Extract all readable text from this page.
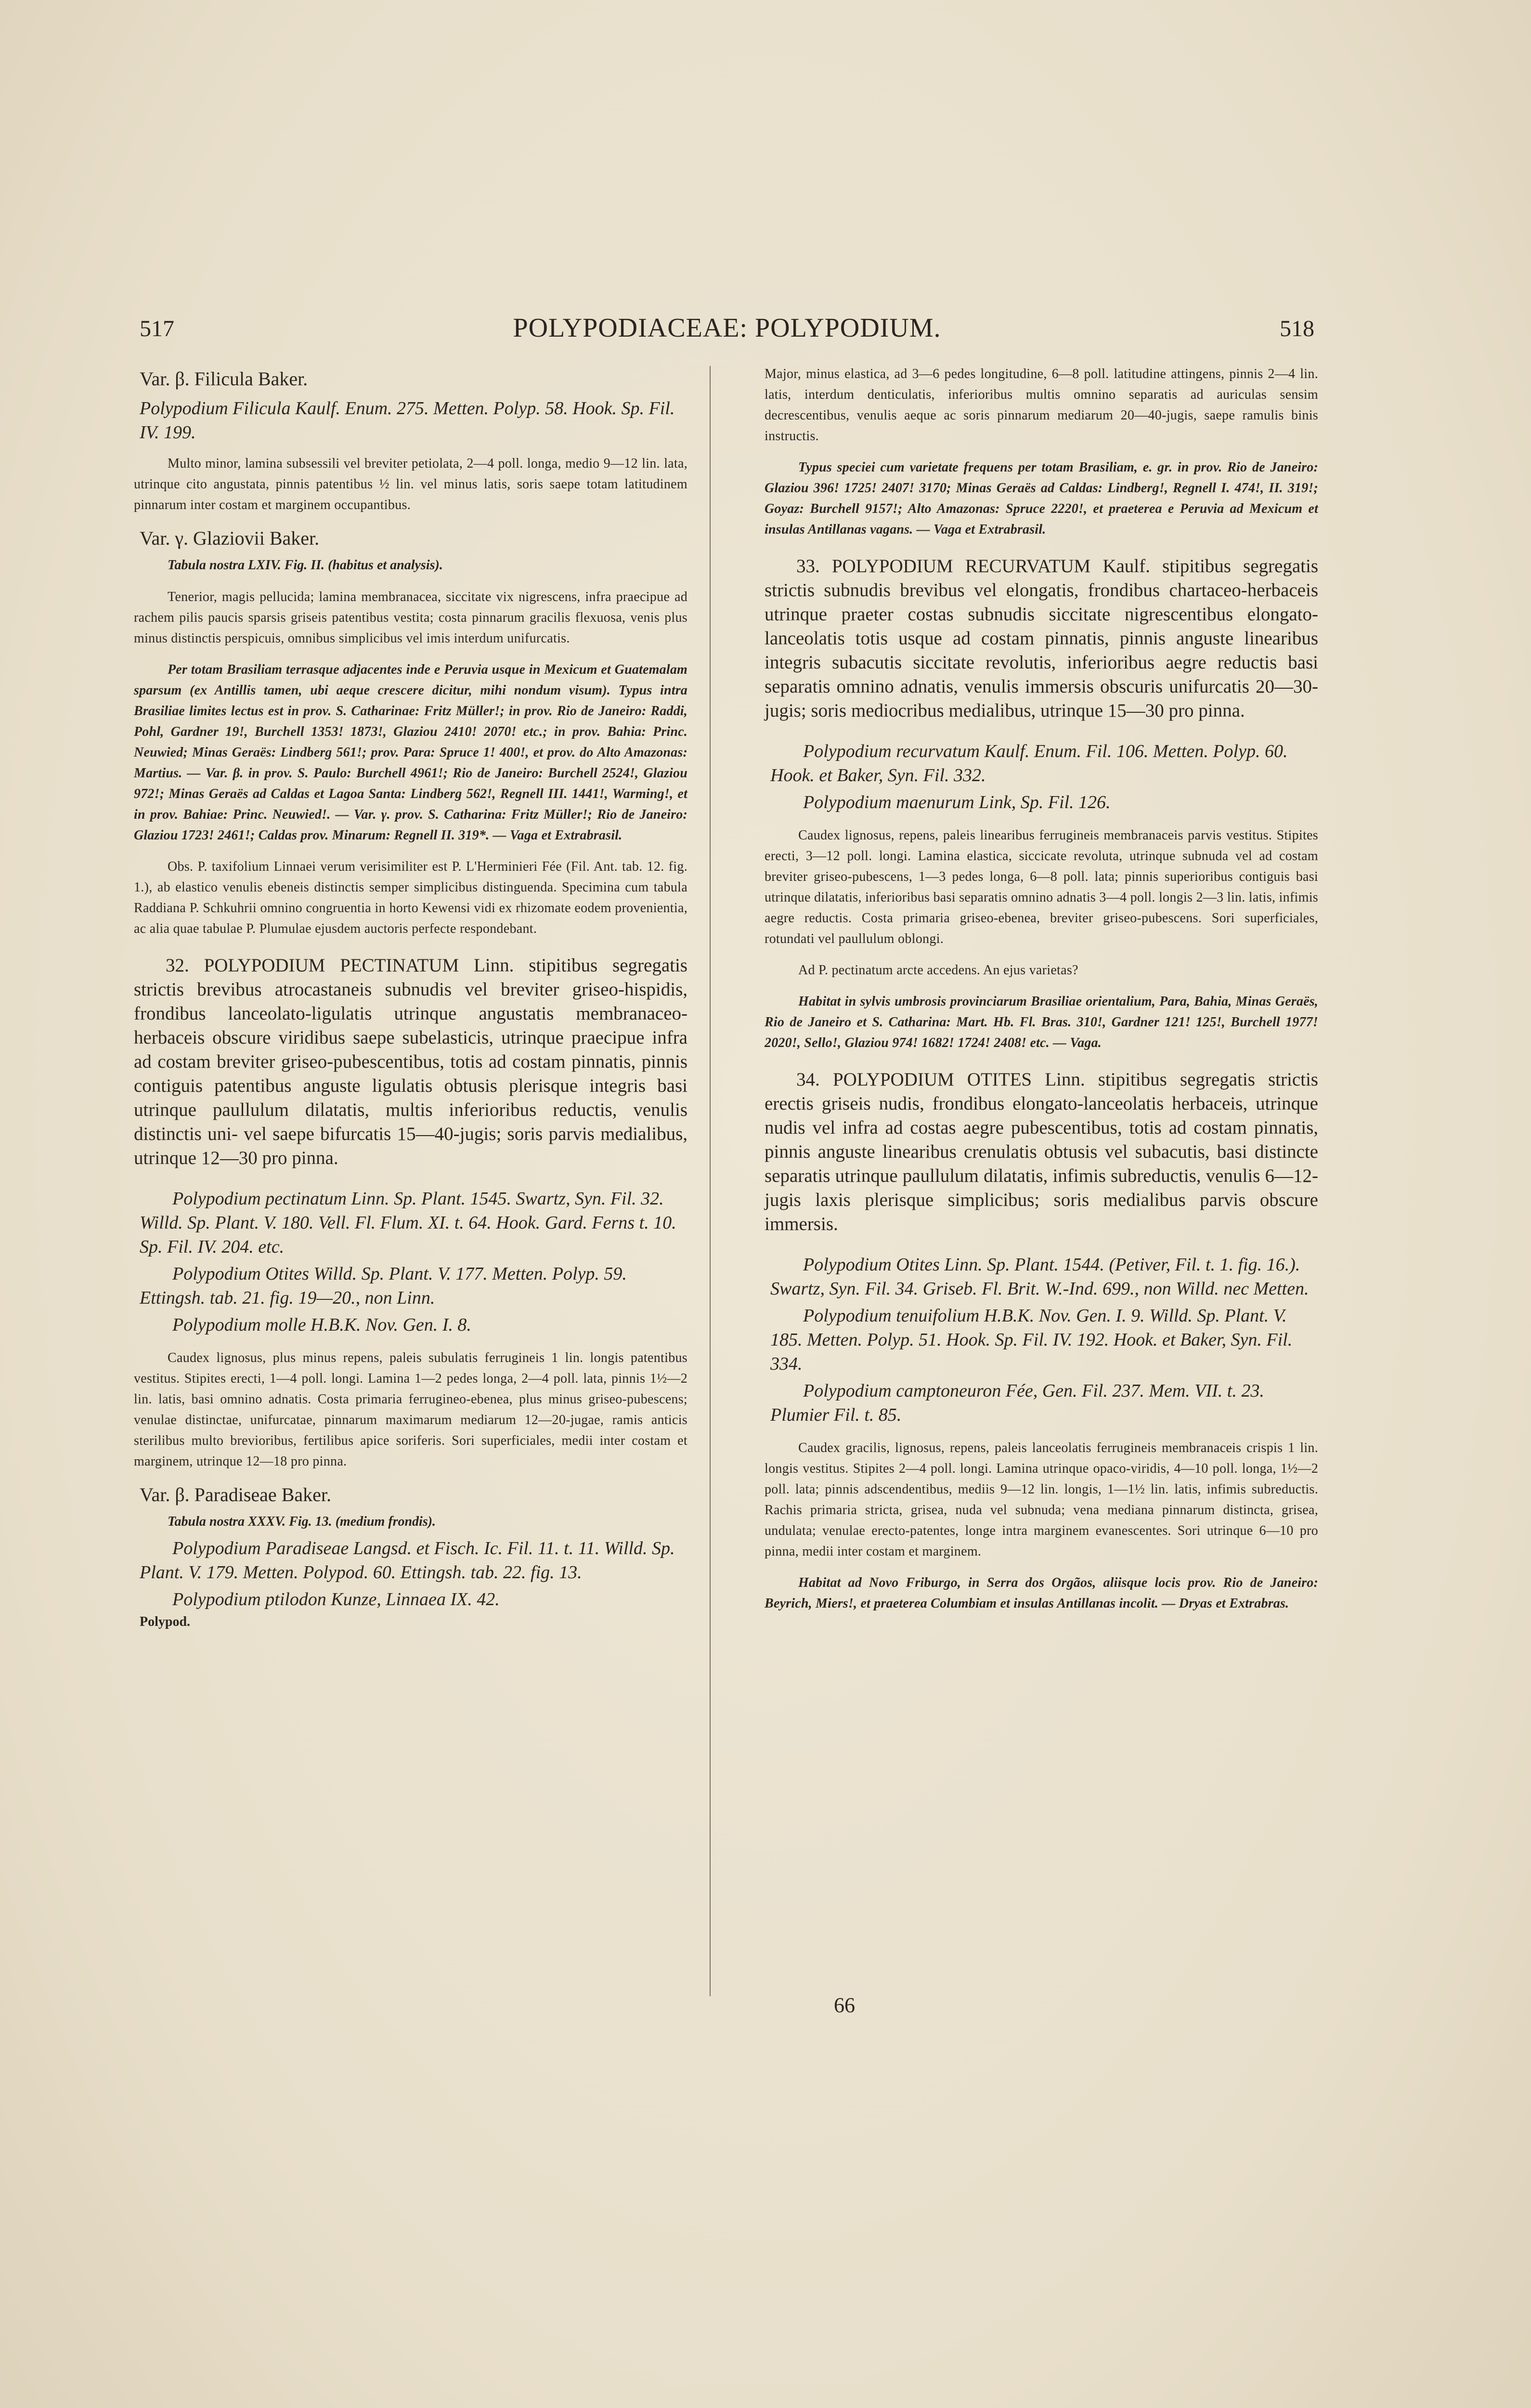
517	POLYPODIACEAE: POLYPODIUM.	518

Var. β. Filicula Baker.

Polypodium Filicula Kaulf. Enum. 275. Metten. Polyp. 58. Hook. Sp. Fil. IV. 199.

Multo minor, lamina subsessili vel breviter petiolata, 2—4 poll. longa, medio 9—12 lin. lata, utrinque cito angustata, pinnis patentibus ½ lin. vel minus latis, soris saepe totam latitudinem pinnarum inter costam et marginem occupantibus.

Var. γ. Glaziovii Baker.

Tabula nostra LXIV. Fig. II. (habitus et analysis).

Tenerior, magis pellucida; lamina membranacea, siccitate vix nigrescens, infra praecipue ad rachem pilis paucis sparsis griseis patentibus vestita; costa pinnarum gracilis flexuosa, venis plus minus distinctis perspicuis, omnibus simplicibus vel imis interdum unifurcatis.

Per totam Brasiliam terrasque adjacentes inde e Peruvia usque in Mexicum et Guatemalam sparsum (ex Antillis tamen, ubi aeque crescere dicitur, mihi nondum visum). Typus intra Brasiliae limites lectus est in prov. S. Catharinae: Fritz Müller!; in prov. Rio de Janeiro: Raddi, Pohl, Gardner 19!, Burchell 1353! 1873!, Glaziou 2410! 2070! etc.; in prov. Bahia: Princ. Neuwied; Minas Geraës: Lindberg 561!; prov. Para: Spruce 1! 400!, et prov. do Alto Amazonas: Martius. — Var. β. in prov. S. Paulo: Burchell 4961!; Rio de Janeiro: Burchell 2524!, Glaziou 972!; Minas Geraës ad Caldas et Lagoa Santa: Lindberg 562!, Regnell III. 1441!, Warming!, et in prov. Bahiae: Princ. Neuwied!. — Var. γ. prov. S. Catharina: Fritz Müller!; Rio de Janeiro: Glaziou 1723! 2461!; Caldas prov. Minarum: Regnell II. 319*. — Vaga et Extrabrasil.

Obs. P. taxifolium Linnaei verum verisimiliter est P. L'Herminieri Fée (Fil. Ant. tab. 12. fig. 1.), ab elastico venulis ebeneis distinctis semper simplicibus distinguenda. Specimina cum tabula Raddiana P. Schkuhrii omnino congruentia in horto Kewensi vidi ex rhizomate eodem provenientia, ac alia quae tabulae P. Plumulae ejusdem auctoris perfecte respondebant.

32. POLYPODIUM PECTINATUM Linn. stipitibus segregatis strictis brevibus atrocastaneis subnudis vel breviter griseo-hispidis, frondibus lanceolato-ligulatis utrinque angustatis membranaceo-herbaceis obscure viridibus saepe subelasticis, utrinque praecipue infra ad costam breviter griseo-pubescentibus, totis ad costam pinnatis, pinnis contiguis patentibus anguste ligulatis obtusis plerisque integris basi utrinque paullulum dilatatis, multis inferioribus reductis, venulis distinctis uni- vel saepe bifurcatis 15—40-jugis; soris parvis medialibus, utrinque 12—30 pro pinna.

Polypodium pectinatum Linn. Sp. Plant. 1545. Swartz, Syn. Fil. 32. Willd. Sp. Plant. V. 180. Vell. Fl. Flum. XI. t. 64. Hook. Gard. Ferns t. 10. Sp. Fil. IV. 204. etc.

Polypodium Otites Willd. Sp. Plant. V. 177. Metten. Polyp. 59. Ettingsh. tab. 21. fig. 19—20., non Linn.

Polypodium molle H.B.K. Nov. Gen. I. 8.

Caudex lignosus, plus minus repens, paleis subulatis ferrugineis 1 lin. longis patentibus vestitus. Stipites erecti, 1—4 poll. longi. Lamina 1—2 pedes longa, 2—4 poll. lata, pinnis 1½—2 lin. latis, basi omnino adnatis. Costa primaria ferrugineo-ebenea, plus minus griseo-pubescens; venulae distinctae, unifurcatae, pinnarum maximarum mediarum 12—20-jugae, ramis anticis sterilibus multo brevioribus, fertilibus apice soriferis. Sori superficiales, medii inter costam et marginem, utrinque 12—18 pro pinna.

Var. β. Paradiseae Baker.

Tabula nostra XXXV. Fig. 13. (medium frondis).

Polypodium Paradiseae Langsd. et Fisch. Ic. Fil. 11. t. 11. Willd. Sp. Plant. V. 179. Metten. Polypod. 60. Ettingsh. tab. 22. fig. 13.

Polypodium ptilodon Kunze, Linnaea IX. 42.

Polypod.

Major, minus elastica, ad 3—6 pedes longitudine, 6—8 poll. latitudine attingens, pinnis 2—4 lin. latis, interdum denticulatis, inferioribus multis omnino separatis ad auriculas sensim decrescentibus, venulis aeque ac soris pinnarum mediarum 20—40-jugis, saepe ramulis binis instructis.

Typus speciei cum varietate frequens per totam Brasiliam, e. gr. in prov. Rio de Janeiro: Glaziou 396! 1725! 2407! 3170; Minas Geraës ad Caldas: Lindberg!, Regnell I. 474!, II. 319!; Goyaz: Burchell 9157!; Alto Amazonas: Spruce 2220!, et praeterea e Peruvia ad Mexicum et insulas Antillanas vagans. — Vaga et Extrabrasil.

33. POLYPODIUM RECURVATUM Kaulf. stipitibus segregatis strictis subnudis brevibus vel elongatis, frondibus chartaceo-herbaceis utrinque praeter costas subnudis siccitate nigrescentibus elongato-lanceolatis totis usque ad costam pinnatis, pinnis anguste linearibus integris subacutis siccitate revolutis, inferioribus aegre reductis basi separatis omnino adnatis, venulis immersis obscuris unifurcatis 20—30-jugis; soris mediocribus medialibus, utrinque 15—30 pro pinna.

Polypodium recurvatum Kaulf. Enum. Fil. 106. Metten. Polyp. 60. Hook. et Baker, Syn. Fil. 332.

Polypodium maenurum Link, Sp. Fil. 126.

Caudex lignosus, repens, paleis linearibus ferrugineis membranaceis parvis vestitus. Stipites erecti, 3—12 poll. longi. Lamina elastica, siccicate revoluta, utrinque subnuda vel ad costam breviter griseo-pubescens, 1—3 pedes longa, 6—8 poll. lata; pinnis superioribus contiguis basi utrinque dilatatis, inferioribus basi separatis omnino adnatis 3—4 poll. longis 2—3 lin. latis, infimis aegre reductis. Costa primaria griseo-ebenea, breviter griseo-pubescens. Sori superficiales, rotundati vel paullulum oblongi.

Ad P. pectinatum arcte accedens. An ejus varietas?

Habitat in sylvis umbrosis provinciarum Brasiliae orientalium, Para, Bahia, Minas Geraës, Rio de Janeiro et S. Catharina: Mart. Hb. Fl. Bras. 310!, Gardner 121! 125!, Burchell 1977! 2020!, Sello!, Glaziou 974! 1682! 1724! 2408! etc. — Vaga.

34. POLYPODIUM OTITES Linn. stipitibus segregatis strictis erectis griseis nudis, frondibus elongato-lanceolatis herbaceis, utrinque nudis vel infra ad costas aegre pubescentibus, totis ad costam pinnatis, pinnis anguste linearibus crenulatis obtusis vel subacutis, basi distincte separatis utrinque paullulum dilatatis, infimis subreductis, venulis 6—12-jugis laxis plerisque simplicibus; soris medialibus parvis obscure immersis.

Polypodium Otites Linn. Sp. Plant. 1544. (Petiver, Fil. t. 1. fig. 16.). Swartz, Syn. Fil. 34. Griseb. Fl. Brit. W.-Ind. 699., non Willd. nec Metten.

Polypodium tenuifolium H.B.K. Nov. Gen. I. 9. Willd. Sp. Plant. V. 185. Metten. Polyp. 51. Hook. Sp. Fil. IV. 192. Hook. et Baker, Syn. Fil. 334.

Polypodium camptoneuron Fée, Gen. Fil. 237. Mem. VII. t. 23. Plumier Fil. t. 85.

Caudex gracilis, lignosus, repens, paleis lanceolatis ferrugineis membranaceis crispis 1 lin. longis vestitus. Stipites 2—4 poll. longi. Lamina utrinque opaco-viridis, 4—10 poll. longa, 1½—2 poll. lata; pinnis adscendentibus, mediis 9—12 lin. longis, 1—1½ lin. latis, infimis subreductis. Rachis primaria stricta, grisea, nuda vel subnuda; vena mediana pinnarum distincta, grisea, undulata; venulae erecto-patentes, longe intra marginem evanescentes. Sori utrinque 6—10 pro pinna, medii inter costam et marginem.

Habitat ad Novo Friburgo, in Serra dos Orgãos, aliisque locis prov. Rio de Janeiro: Beyrich, Miers!, et praeterea Columbiam et insulas Antillanas incolit. — Dryas et Extrabras.

66
